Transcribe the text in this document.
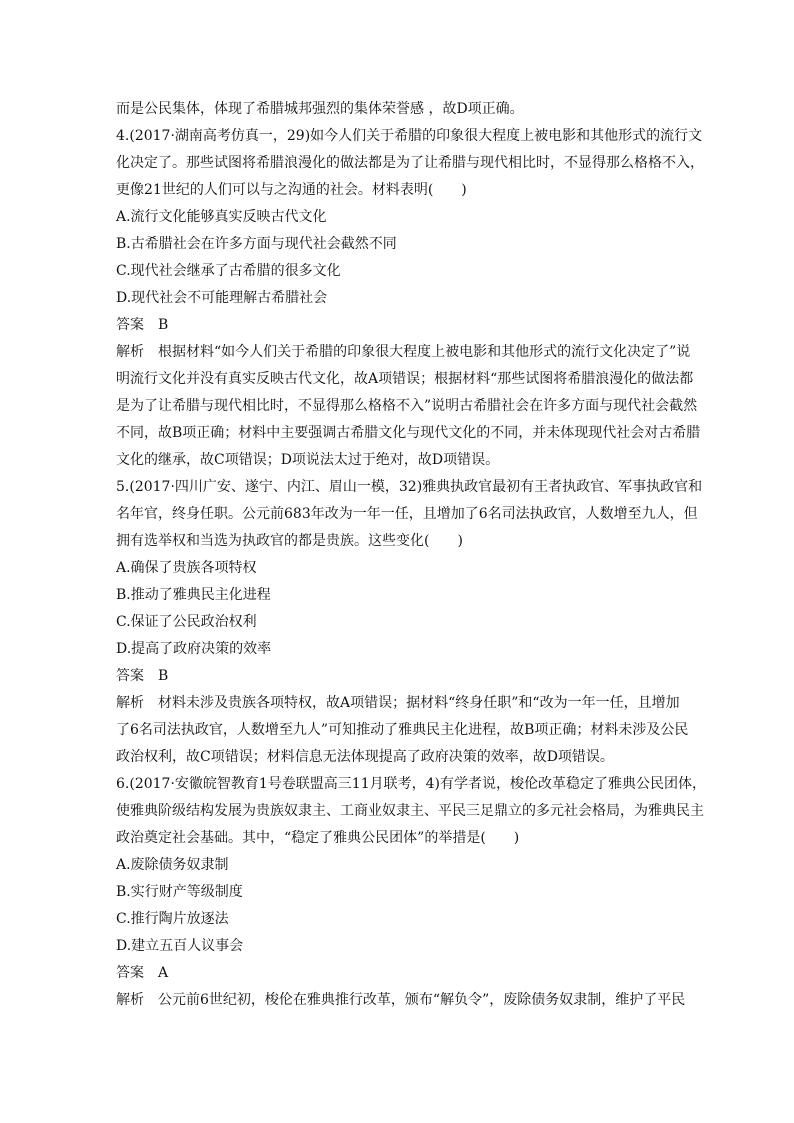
而是公民集体，体现了希腊城邦强烈的集体荣誉感 ，故D项正确。
4.(2017·湖南高考仿真一，29)如今人们关于希腊的印象很大程度上被电影和其他形式的流行文
化决定了。那些试图将希腊浪漫化的做法都是为了让希腊与现代相比时，不显得那么格格不入，
更像21世纪的人们可以与之沟通的社会。材料表明(　　)
A.流行文化能够真实反映古代文化
B.古希腊社会在许多方面与现代社会截然不同
C.现代社会继承了古希腊的很多文化
D.现代社会不可能理解古希腊社会
答案　B
解析　根据材料“如今人们关于希腊的印象很大程度上被电影和其他形式的流行文化决定了”说
明流行文化并没有真实反映古代文化，故A项错误；根据材料“那些试图将希腊浪漫化的做法都
是为了让希腊与现代相比时，不显得那么格格不入”说明古希腊社会在许多方面与现代社会截然
不同，故B项正确；材料中主要强调古希腊文化与现代文化的不同，并未体现现代社会对古希腊
文化的继承，故C项错误；D项说法太过于绝对，故D项错误。
5.(2017·四川广安、遂宁、内江、眉山一模，32)雅典执政官最初有王者执政官、军事执政官和
名年官，终身任职。公元前683年改为一年一任，且增加了6名司法执政官，人数增至九人，但
拥有选举权和当选为执政官的都是贵族。这些变化(　　)
A.确保了贵族各项特权
B.推动了雅典民主化进程
C.保证了公民政治权利
D.提高了政府决策的效率
答案　B
解析　材料未涉及贵族各项特权，故A项错误；据材料“终身任职”和“改为一年一任，且增加
了6名司法执政官，人数增至九人”可知推动了雅典民主化进程，故B项正确；材料未涉及公民
政治权利，故C项错误；材料信息无法体现提高了政府决策的效率，故D项错误。
6.(2017·安徽皖智教育1号卷联盟高三11月联考，4)有学者说，梭伦改革稳定了雅典公民团体，
使雅典阶级结构发展为贵族奴隶主、工商业奴隶主、平民三足鼎立的多元社会格局，为雅典民主
政治奠定社会基础。其中，“稳定了雅典公民团体”的举措是(　　)
A.废除债务奴隶制
B.实行财产等级制度
C.推行陶片放逐法
D.建立五百人议事会
答案　A
解析　公元前6世纪初，梭伦在雅典推行改革，颁布“解负令”，废除债务奴隶制，维护了平民
